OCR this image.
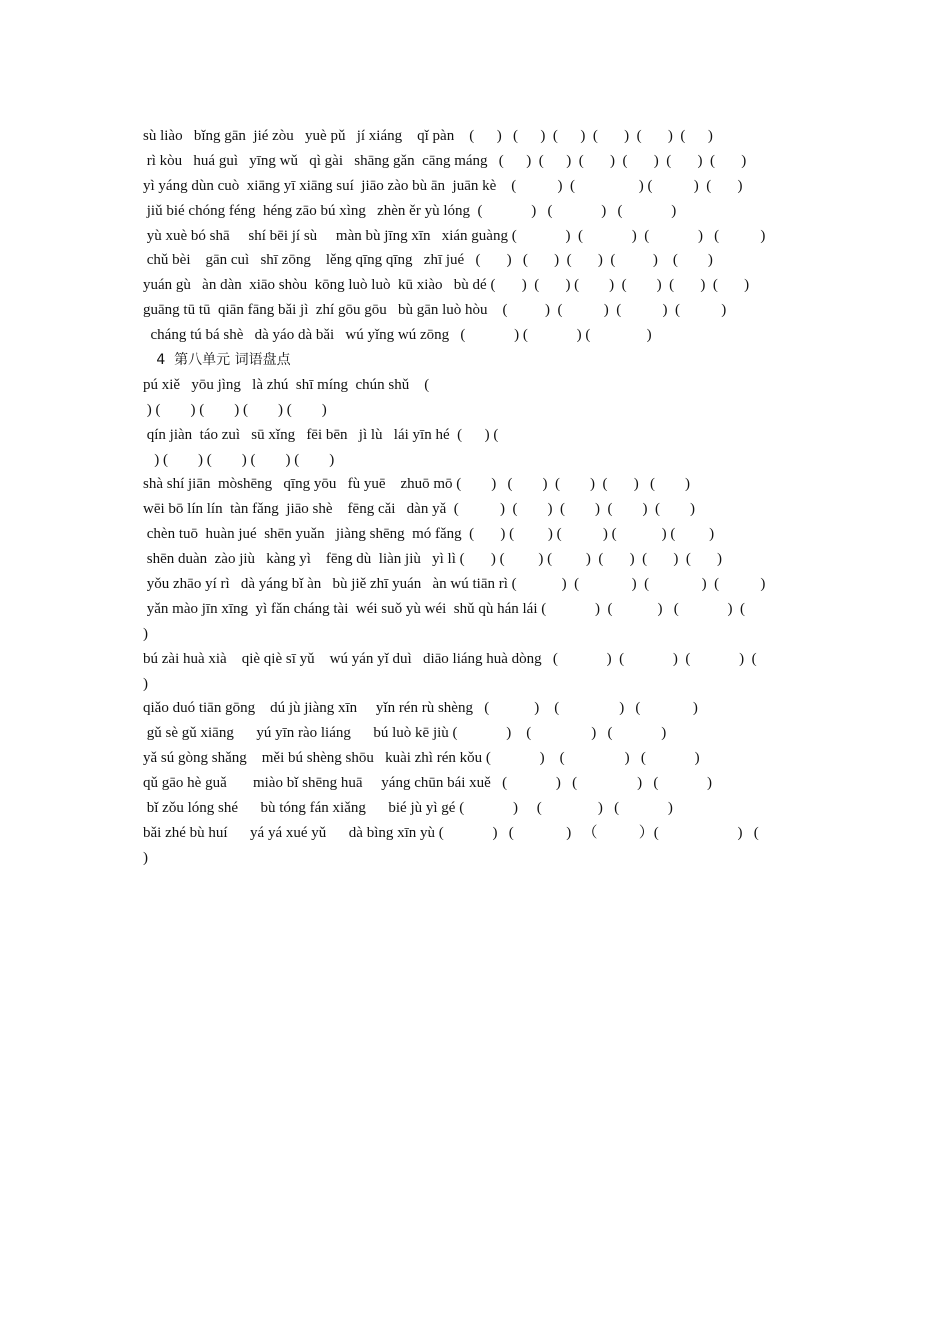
sù liào   bǐng gān  jié zòu   yuè pǔ   jí xiáng    qǐ pàn    (      )   (      )  (      )  (       )  (       )  (      )
rì kòu   huá guì   yīng wǔ   qì gài   shāng gǎn  cāng máng   (      )  (      )  (       )  (       )  (       )  (       )
yì yáng dùn cuò  xiāng yī xiāng suí  jiāo zào bù ān  juān kè    (           )  (                 ) (           )  (       )
jiǔ bié chóng féng  héng zāo bú xìng   zhèn ěr yù lóng  (             )   (             )   (             )
yù xuè bó shā     shí bēi jí sù     màn bù jīng xīn   xián guàng (             )  (             )  (             )   (           )
chǔ bèi    gān cuì   shī zōng    lěng qīng qīng   zhī jué   (       )   (       )  (       )  (          )    (        )
yuán gù   àn dàn  xiāo shòu  kōng luò luò  kū xiào   bù dé (       )  (       ) (        )  (        )  (       )  (       )
guāng tū tū  qiān fāng bǎi jì  zhí gōu gōu   bù gān luò hòu    (          )  (           )  (           )  (           )
cháng tú bá shè   dà yáo dà bǎi   wú yǐng wú zōng   (             ) (             ) (               )
4  第八单元 词语盘点
pú xiě   yōu jìng   là zhú  shī míng  chún shǔ    (
) (        ) (        ) (        ) (        )
qín jiàn  táo zuì   sū xǐng   fēi bēn   jì lù   lái yīn hé  (      ) (
) (        ) (        ) (        ) (        )
shà shí jiān  mòshēng   qīng yōu   fù yuē    zhuō mō (        )   (        )  (        )  (       )   (        )
wēi bō lín lín  tàn fǎng  jiāo shè    fēng cǎi   dàn yǎ  (           )  (        )  (        )  (        )  (        )
chèn tuō  huàn jué  shēn yuǎn   jiàng shēng  mó fǎng  (       ) (         ) (           ) (            ) (         )
shēn duàn  zào jiù   kàng yì    fēng dù  liàn jiù   yì lì (       ) (         ) (         )  (       )  (       )  (       )
yǒu zhāo yí rì   dà yáng bǐ àn   bù jiě zhī yuán   àn wú tiān rì (            )  (              )  (              )  (           )
yǎn mào jīn xīng  yì fǎn cháng tài  wéi suǒ yù wéi  shǔ qù hán lái (             )  (            )   (             )  (
)
bú zài huà xià    qiè qiè sī yǔ    wú yán yǐ duì   diāo liáng huà dòng   (             )  (             )  (             )  (
)
qiǎo duó tiān gōng    dú jù jiàng xīn     yǐn rén rù shèng   (            )    (                )   (              )
gǔ sè gǔ xiāng      yú yīn rào liáng      bú luò kē jiù (             )    (                )   (             )
yǎ sú gòng shǎng    měi bú shèng shōu   kuài zhì rén kǒu (             )    (                )   (             )
qǔ gāo hè guǎ       miào bǐ shēng huā     yáng chūn bái xuě   (             )   (                )   (             )
bǐ zǒu lóng shé      bù tóng fán xiǎng      bié jù yì gé (             )     (               )   (             )
bǎi zhé bù huí      yá yá xué yǔ      dà bìng xīn yù (             )   (              )   （           ）(                     )   (
)
